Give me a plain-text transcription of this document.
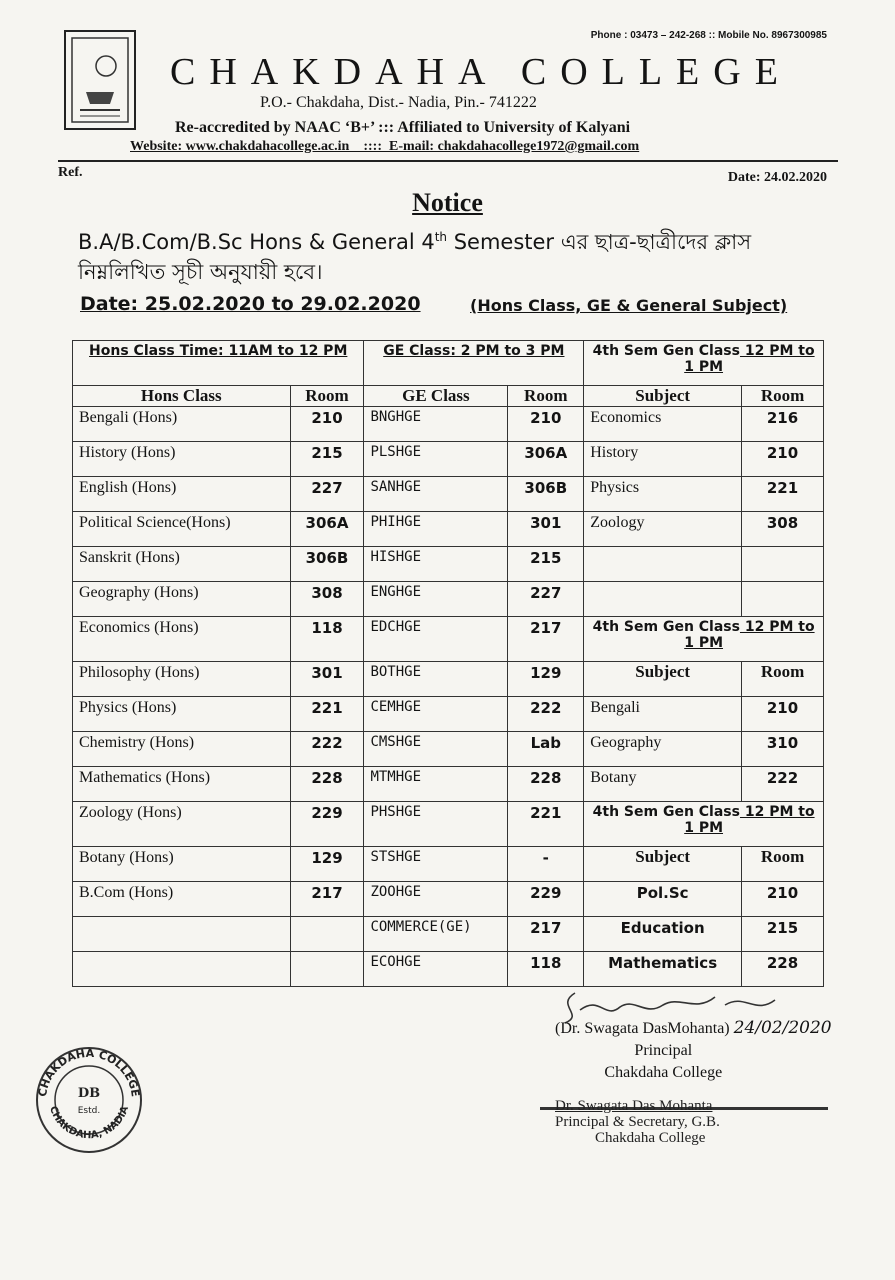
Phone : 03473 – 242-268 :: Mobile No. 8967300985
CHAKDAHA COLLEGE
P.O.- Chakdaha, Dist.- Nadia, Pin.- 741222
Re-accredited by NAAC ‘B+’ ::: Affiliated to University of Kalyani
Website: www.chakdahacollege.ac.in    ::::  E-mail: chakdahacollege1972@gmail.com
Ref.	Date: 24.02.2020
Notice
B.A/B.Com/B.Sc Hons & General 4th Semester এর ছাত্র-ছাত্রীদের ক্লাস নিম্নলিখিত সূচী অনুযায়ী হবে।
Date: 25.02.2020 to 29.02.2020	(Hons Class, GE & General Subject)
Hons Class Time: 11AM to 12 PM		GE Class: 2 PM to 3 PM		4th Sem Gen Class 12 PM to 1 PM	
Hons Class	Room	GE Class	Room	Subject	Room
Bengali (Hons)	210	BNGHGE	210	Economics	216
History (Hons)	215	PLSHGE	306A	History	210
English (Hons)	227	SANHGE	306B	Physics	221
Political Science(Hons)	306A	PHIHGE	301	Zoology	308
Sanskrit (Hons)	306B	HISHGE	215		
Geography (Hons)	308	ENGHGE	227		
Economics (Hons)	118	EDCHGE	217	4th Sem Gen Class 12 PM to 1 PM	
Philosophy (Hons)	301	BOTHGE	129	Subject	Room
Physics (Hons)	221	CEMHGE	222	Bengali	210
Chemistry (Hons)	222	CMSHGE	Lab	Geography	310
Mathematics (Hons)	228	MTMHGE	228	Botany	222
Zoology (Hons)	229	PHSHGE	221	4th Sem Gen Class 12 PM to 1 PM	
Botany (Hons)	129	STSHGE	-	Subject	Room
B.Com (Hons)	217	ZOOHGE	229	Pol.Sc	210
		COMMERCE(GE)	217	Education	215
		ECOHGE	118	Mathematics	228
(Dr. Swagata DasMohanta) 24/02/2020
Principal
Chakdaha College
Dr. Swagata Das Mohanta
Principal & Secretary, G.B.
Chakdaha College
CHAKDAHA COLLEGE
CHAKDAHA, NADIA
DB
Estd.
